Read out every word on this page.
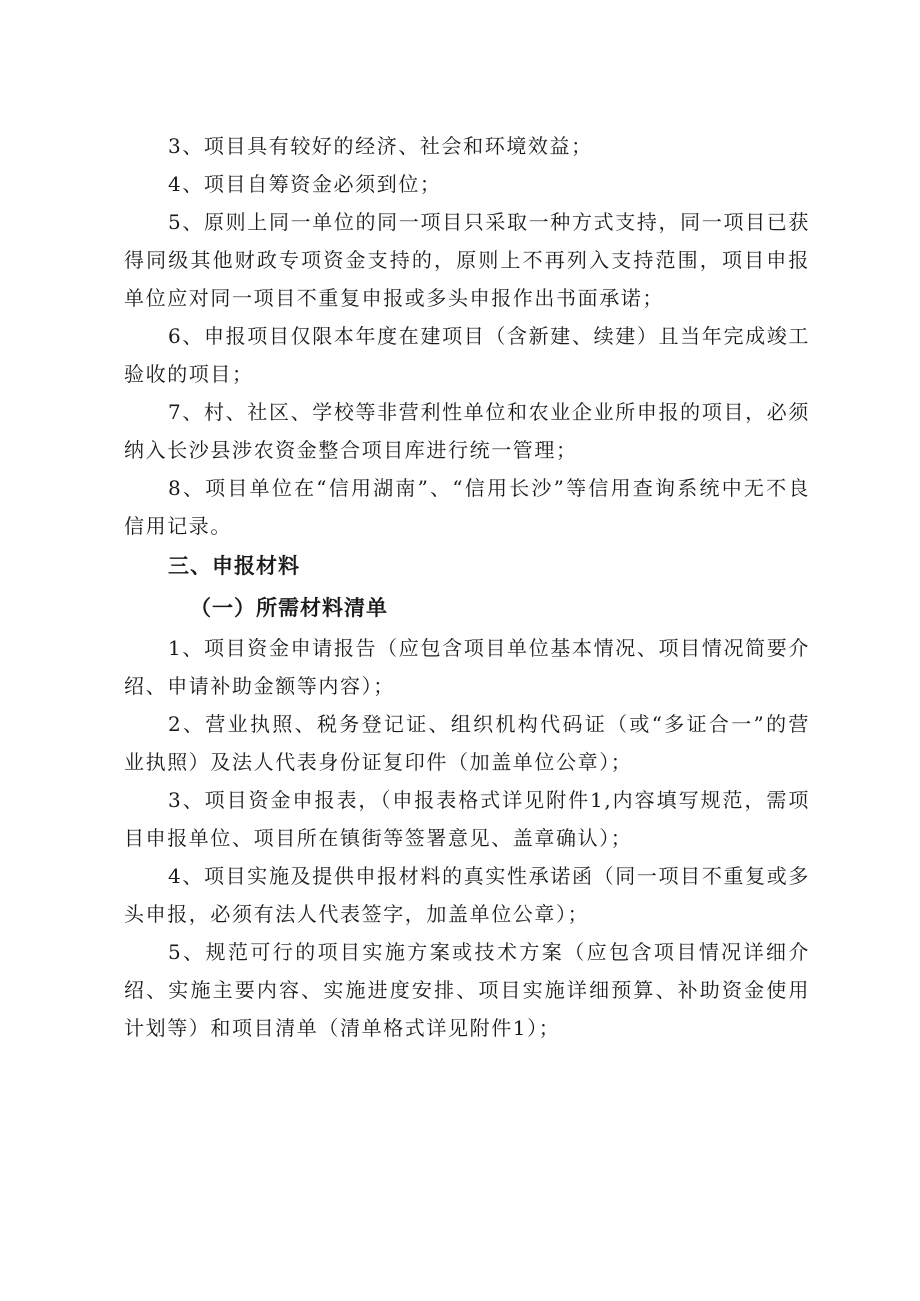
3、项目具有较好的经济、社会和环境效益；

4、项目自筹资金必须到位；

5、原则上同一单位的同一项目只采取一种方式支持，同一项目已获得同级其他财政专项资金支持的，原则上不再列入支持范围，项目申报单位应对同一项目不重复申报或多头申报作出书面承诺；

6、申报项目仅限本年度在建项目（含新建、续建）且当年完成竣工验收的项目；

7、村、社区、学校等非营利性单位和农业企业所申报的项目，必须纳入长沙县涉农资金整合项目库进行统一管理；

8、项目单位在“信用湖南”、“信用长沙”等信用查询系统中无不良信用记录。

三、申报材料

（一）所需材料清单

1、项目资金申请报告（应包含项目单位基本情况、项目情况简要介绍、申请补助金额等内容）；

2、营业执照、税务登记证、组织机构代码证（或“多证合一”的营业执照）及法人代表身份证复印件（加盖单位公章）；

3、项目资金申报表，（申报表格式详见附件1,内容填写规范，需项目申报单位、项目所在镇街等签署意见、盖章确认）；

4、项目实施及提供申报材料的真实性承诺函（同一项目不重复或多头申报，必须有法人代表签字，加盖单位公章）；

5、规范可行的项目实施方案或技术方案（应包含项目情况详细介绍、实施主要内容、实施进度安排、项目实施详细预算、补助资金使用计划等）和项目清单（清单格式详见附件1）；
